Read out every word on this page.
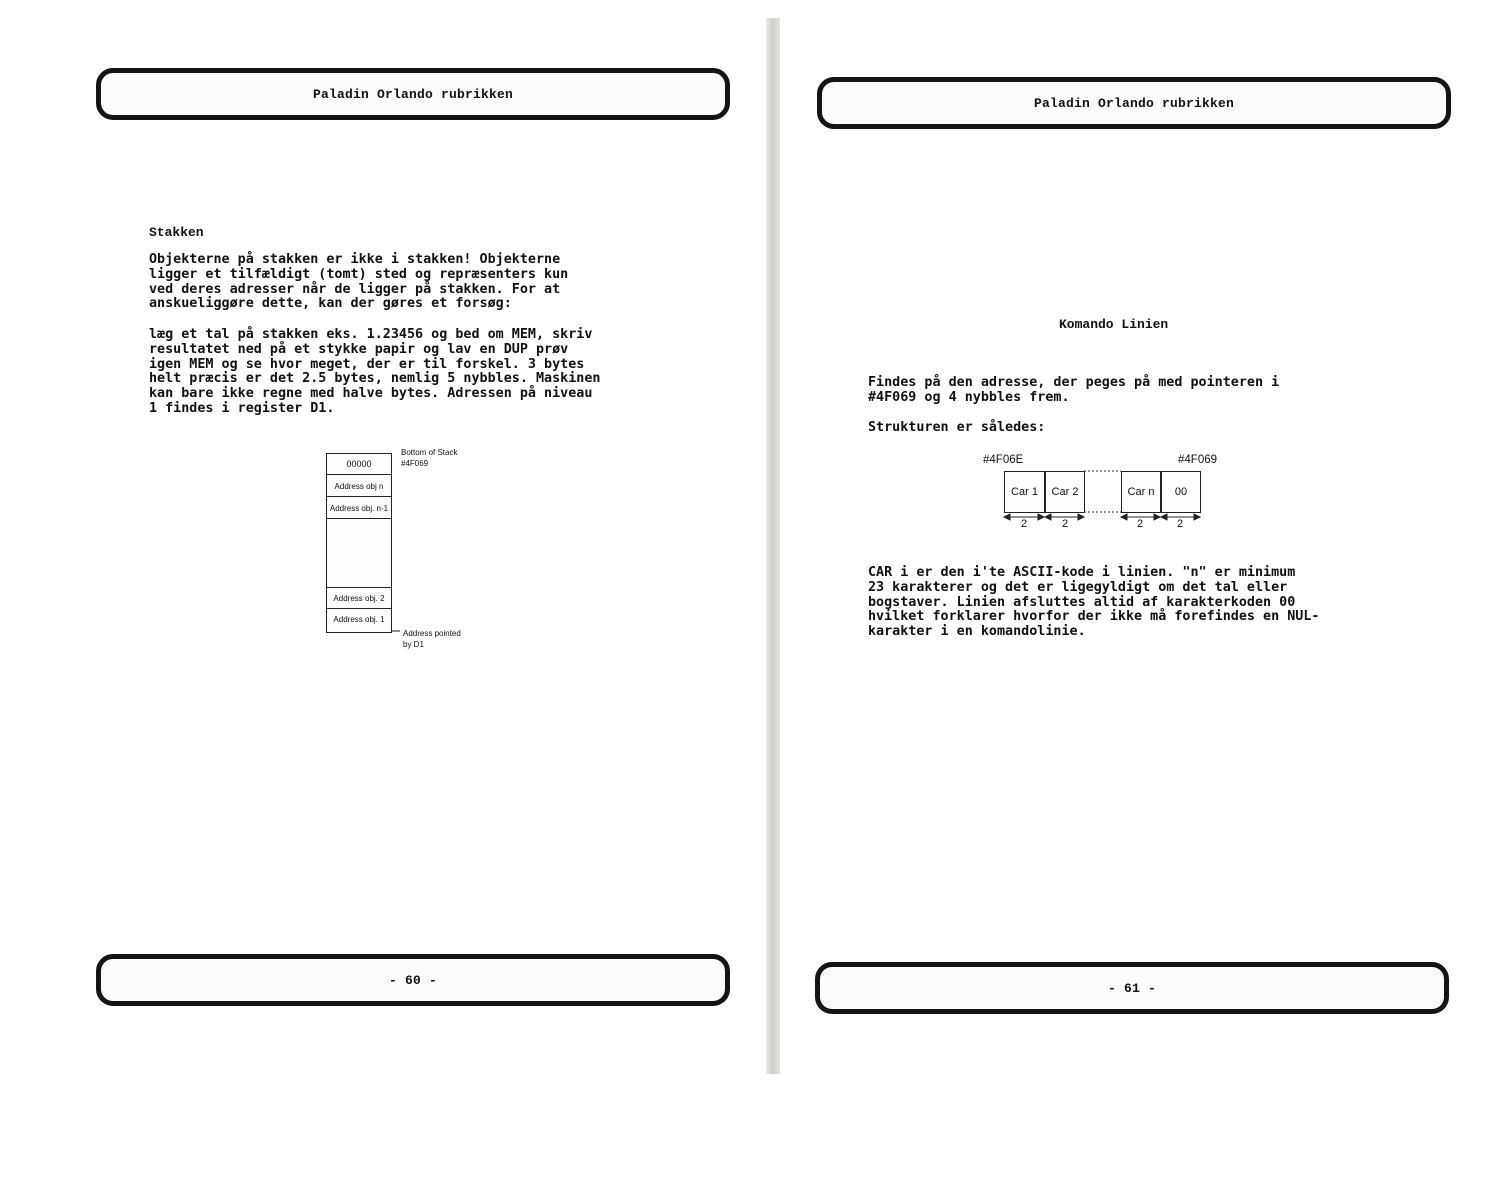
Paladin Orlando rubrikken
Stakken
Objekterne på stakken er ikke i stakken! Objekterne
ligger et tilfældigt (tomt) sted og repræsenters kun
ved deres adresser når de ligger på stakken. For at
anskueliggøre dette, kan der gøres et forsøg:
læg et tal på stakken eks. 1.23456 og bed om MEM, skriv
resultatet ned på et stykke papir og lav en DUP prøv
igen MEM og se hvor meget, der er til forskel. 3 bytes
helt præcis er det 2.5 bytes, nemlig 5 nybbles. Maskinen
kan bare ikke regne med halve bytes. Adressen på niveau
1 findes i register D1.
00000
Address obj n
Address obj. n-1
Address obj. 2
Address obj. 1
Bottom of Stack
#4F069
Address pointed
by D1
- 60 -
Paladin Orlando rubrikken
Komando Linien
Findes på den adresse, der peges på med pointeren i
#4F069 og 4 nybbles frem.
Strukturen er således:
#4F06E	#4F069
Car 1	Car 2	Car n	00
2	2	2	2
CAR i er den i'te ASCII-kode i linien. "n" er minimum
23 karakterer og det er ligegyldigt om det tal eller
bogstaver. Linien afsluttes altid af karakterkoden 00
hvilket forklarer hvorfor der ikke må forefindes en NUL-
karakter i en komandolinie.
- 61 -
